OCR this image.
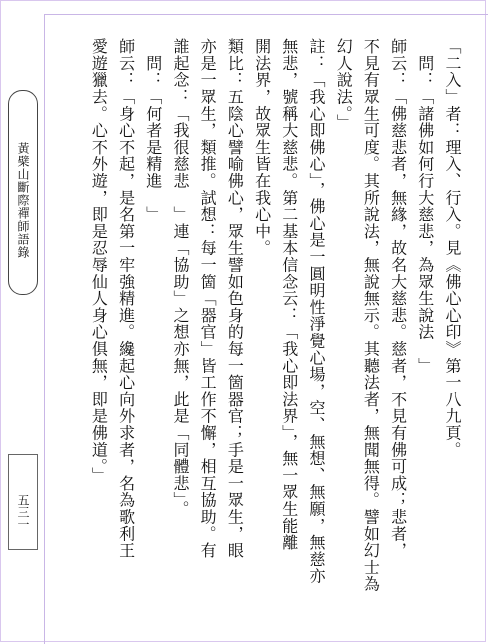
黃檗山斷際禪師語錄
五三一

「二入」者：理入、行入。見《佛心心印》第一八九頁。

　問：「諸佛如何行大慈悲，為眾生說法　」

師云：「佛慈悲者，無緣，故名大慈悲。慈者，不見有佛可成；悲者，

不見有眾生可度。其所說法，無說無示。其聽法者，無聞無得。譬如幻士為

幻人說法。」

註：「我心即佛心」，佛心是一圓明性淨覺心場，空、無想、無願，無慈亦

無悲，號稱大慈悲。第二基本信念云：「我心即法界」，無一眾生能離

開法界，故眾生皆在我心中。

類比：五陰心譬喻佛心，眾生譬如色身的每一箇器官；手是一眾生，眼

亦是一眾生，類推。試想：每一箇「器官」皆工作不懈，相互協助。有

誰起念：「我很慈悲　」連「協助」之想亦無，此是「同體悲」。

　問：「何者是精進　」

師云：「身心不起，是名第一牢強精進。纔起心向外求者，名為歌利王

愛遊獵去。心不外遊，即是忍辱仙人身心俱無，即是佛道。」
